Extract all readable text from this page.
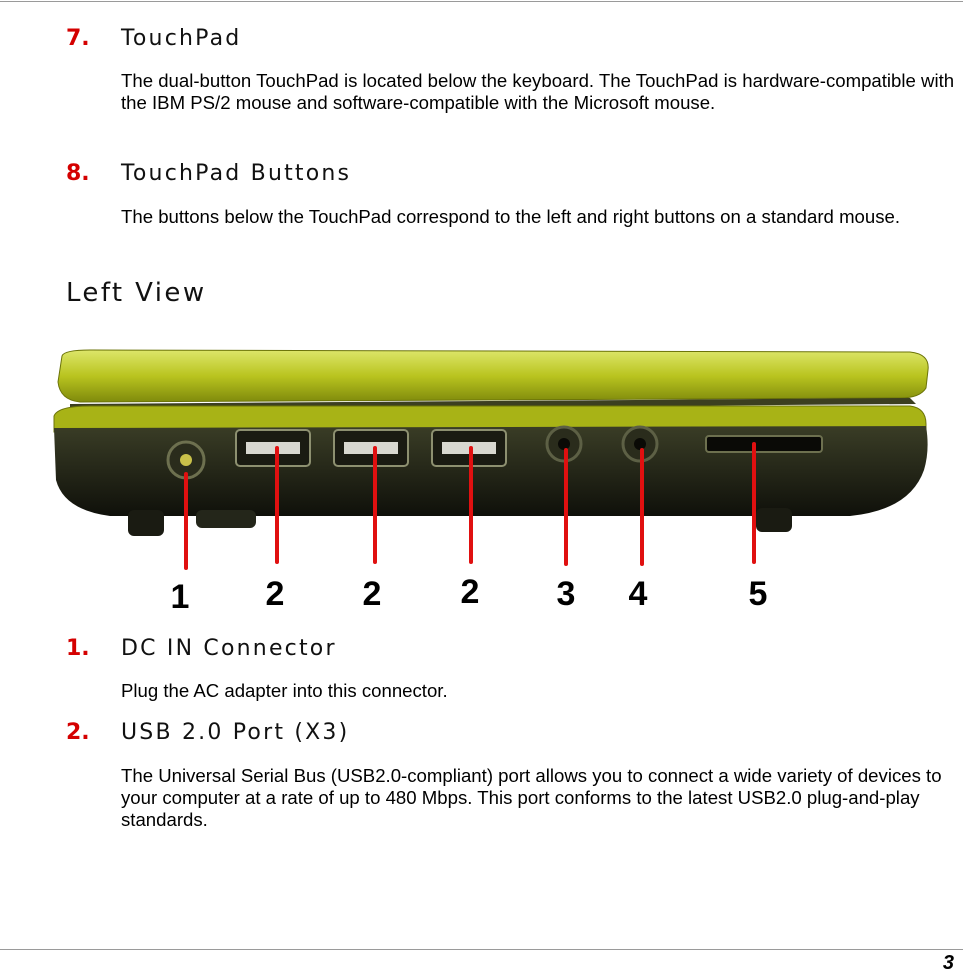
7. TouchPad
The dual-button TouchPad is located below the keyboard. The TouchPad is hardware-compatible with the IBM PS/2 mouse and software-compatible with the Microsoft mouse.
8. TouchPad Buttons
The buttons below the TouchPad correspond to the left and right buttons on a standard mouse.
Left View
1 2 2 2 3 4	5
1. DC IN Connector
Plug the AC adapter into this connector.
2. USB 2.0 Port (X3)
The Universal Serial Bus (USB2.0-compliant) port allows you to connect a wide variety of devices to your computer at a rate of up to 480 Mbps. This port conforms to the latest USB2.0 plug-and-play standards.
3
